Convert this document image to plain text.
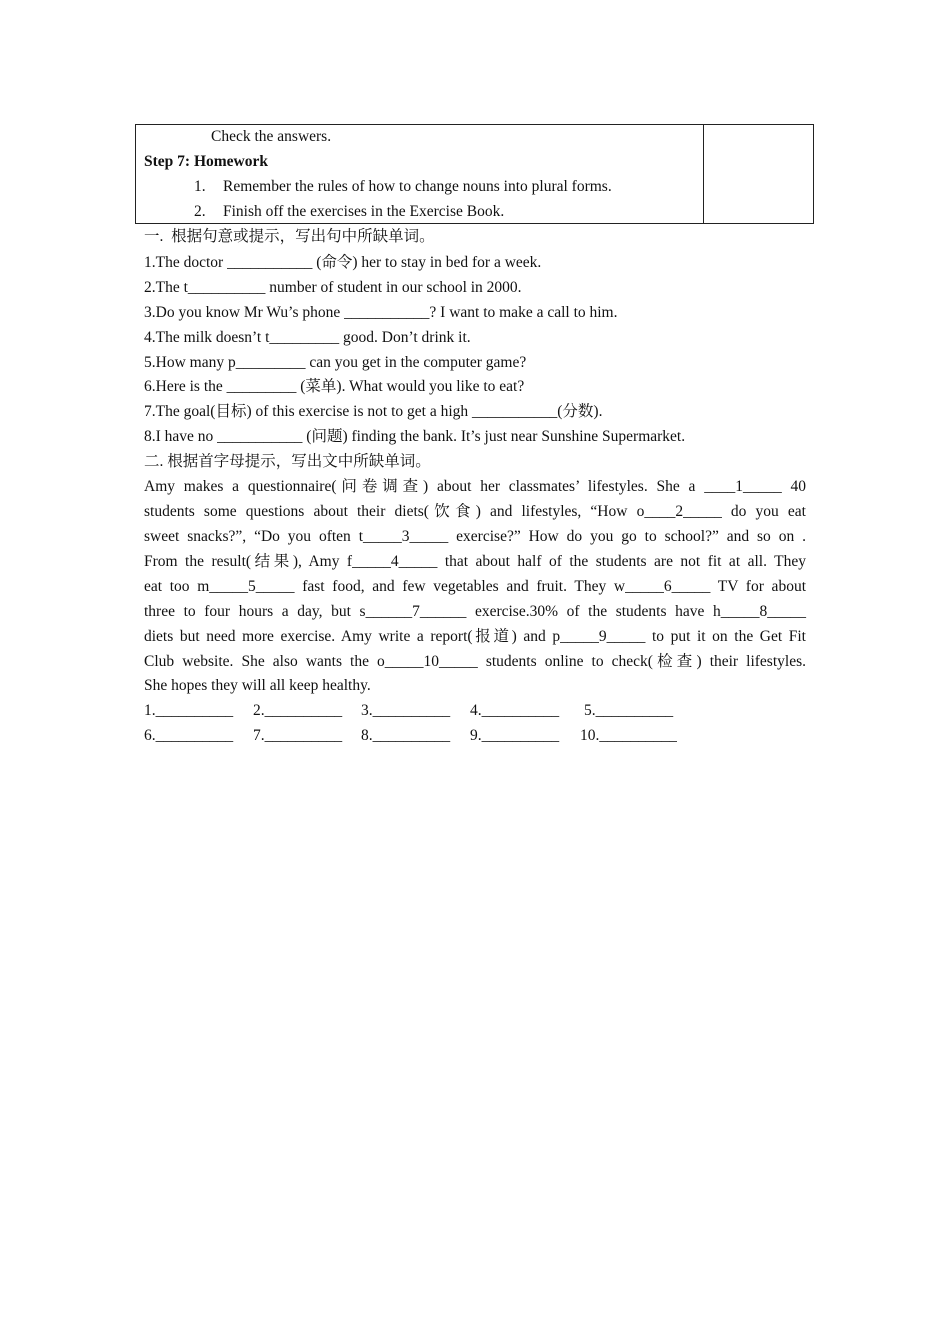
Check the answers.
Step 7: Homework
1. Remember the rules of how to change nouns into plural forms.
2. Finish off the exercises in the Exercise Book.
一.  根据句意或提示，写出句中所缺单词。
1.The doctor ___________ (命令) her to stay in bed for a week.
2.The t__________ number of student in our school in 2000.
3.Do you know Mr Wu’s phone ___________? I want to make a call to him.
4.The milk doesn’t t_________ good. Don’t drink it.
5.How many p_________ can you get in the computer game?
6.Here is the _________ (菜单). What would you like to eat?
7.The goal(目标) of this exercise is not to get a high ___________(分数).
8.I have no ___________ (问题) finding the bank. It’s just near Sunshine Supermarket.
二. 根据首字母提示，写出文中所缺单词。
Amy makes a questionnaire(问卷调查) about her classmates’ lifestyles. She a ____1_____ 40
students some questions about their diets(饮食) and lifestyles, “How o____2_____ do you eat
sweet snacks?”, “Do you often t_____3_____ exercise?” How do you go to school?” and so on .
From the result(结果), Amy f_____4_____ that about half of the students are not fit at all. They
eat too m_____5_____ fast food, and few vegetables and fruit. They w_____6_____ TV for about
three to four hours a day, but s______7______ exercise.30% of the students have h_____8_____
diets but need more exercise. Amy write a report(报道) and p_____9_____ to put it on the Get Fit
Club website. She also wants the o_____10_____ students online to check(检查) their lifestyles.
She hopes they will all keep healthy.
1.__________ 2.__________ 3.__________ 4.__________ 5.__________
6.__________ 7.__________ 8.__________ 9.__________ 10.__________
